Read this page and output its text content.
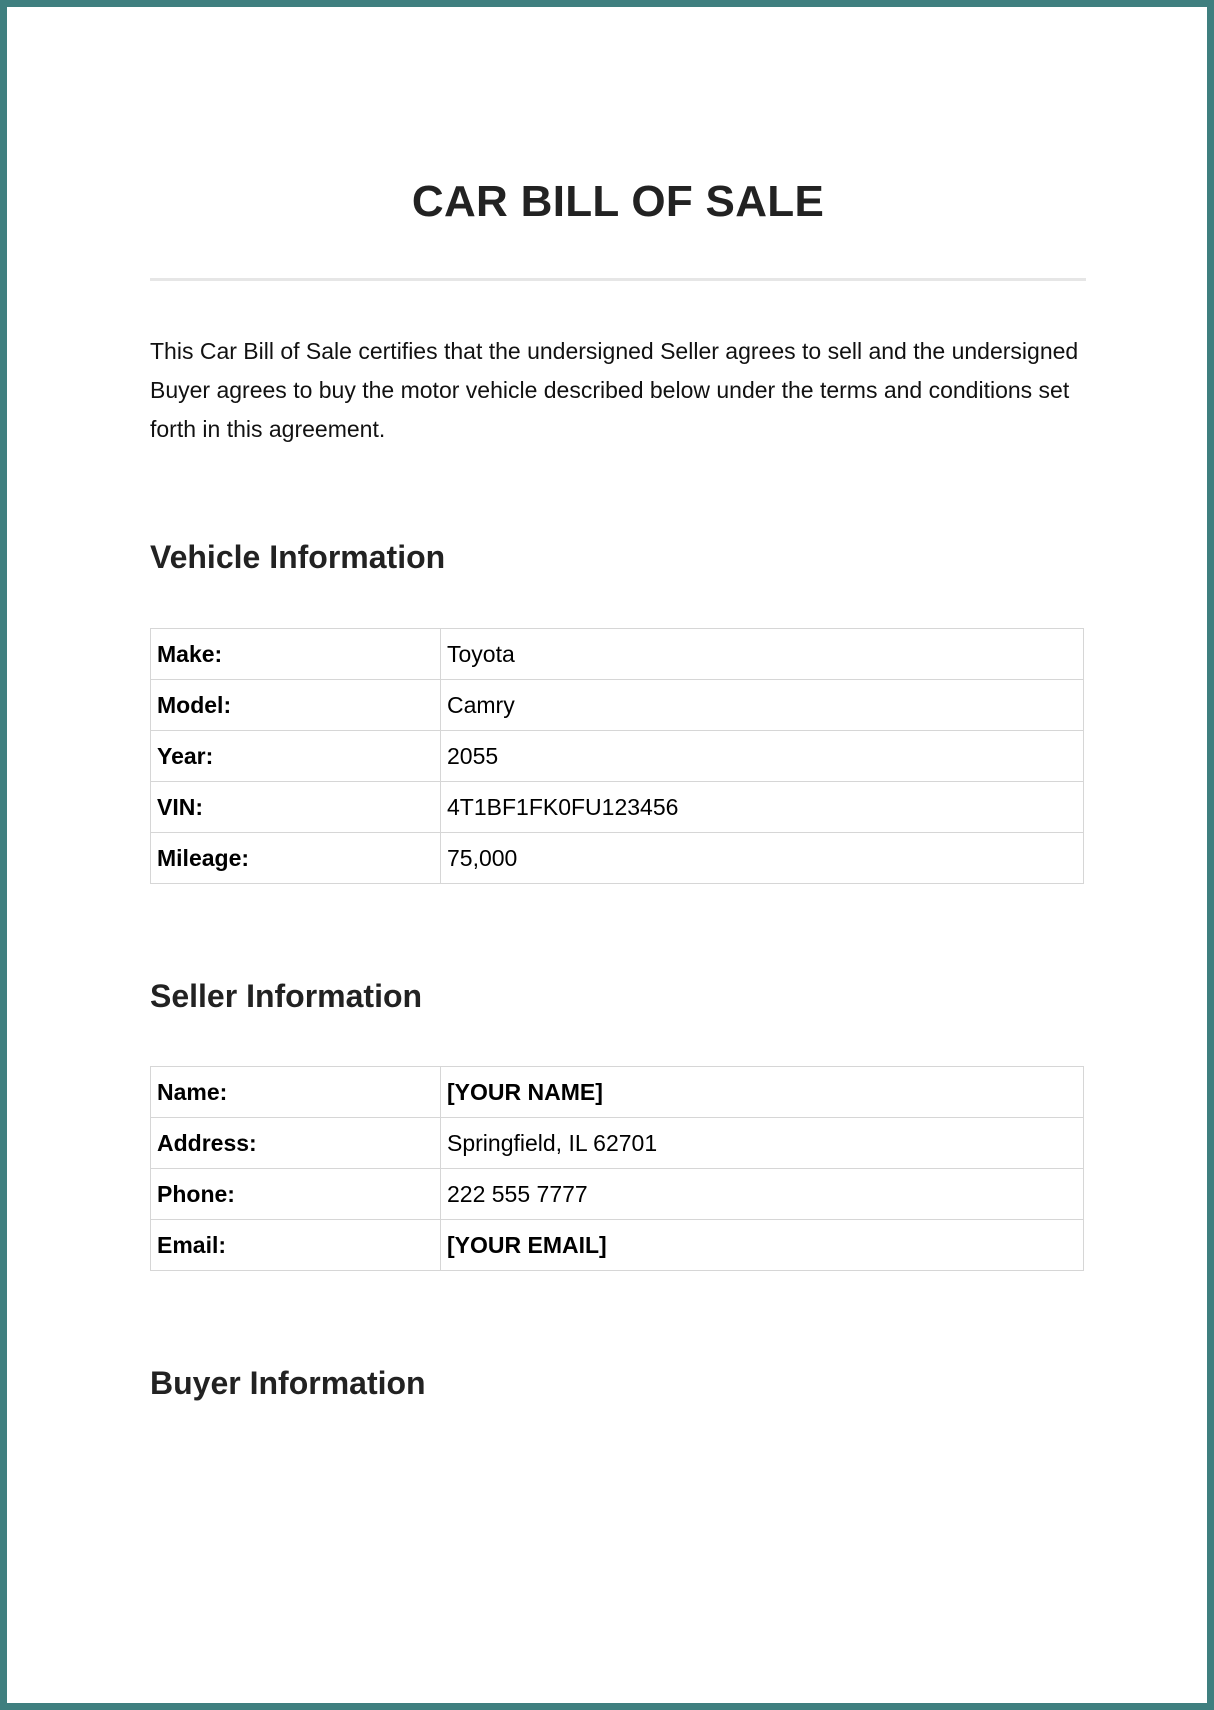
CAR BILL OF SALE

This Car Bill of Sale certifies that the undersigned Seller agrees to sell and the undersigned Buyer agrees to buy the motor vehicle described below under the terms and conditions set forth in this agreement.

Vehicle Information
Make:	Toyota
Model:	Camry
Year:	2055
VIN:	4T1BF1FK0FU123456
Mileage:	75,000
Seller Information
Name:	[YOUR NAME]
Address:	Springfield, IL 62701
Phone:	222 555 7777
Email:	[YOUR EMAIL]
Buyer Information
